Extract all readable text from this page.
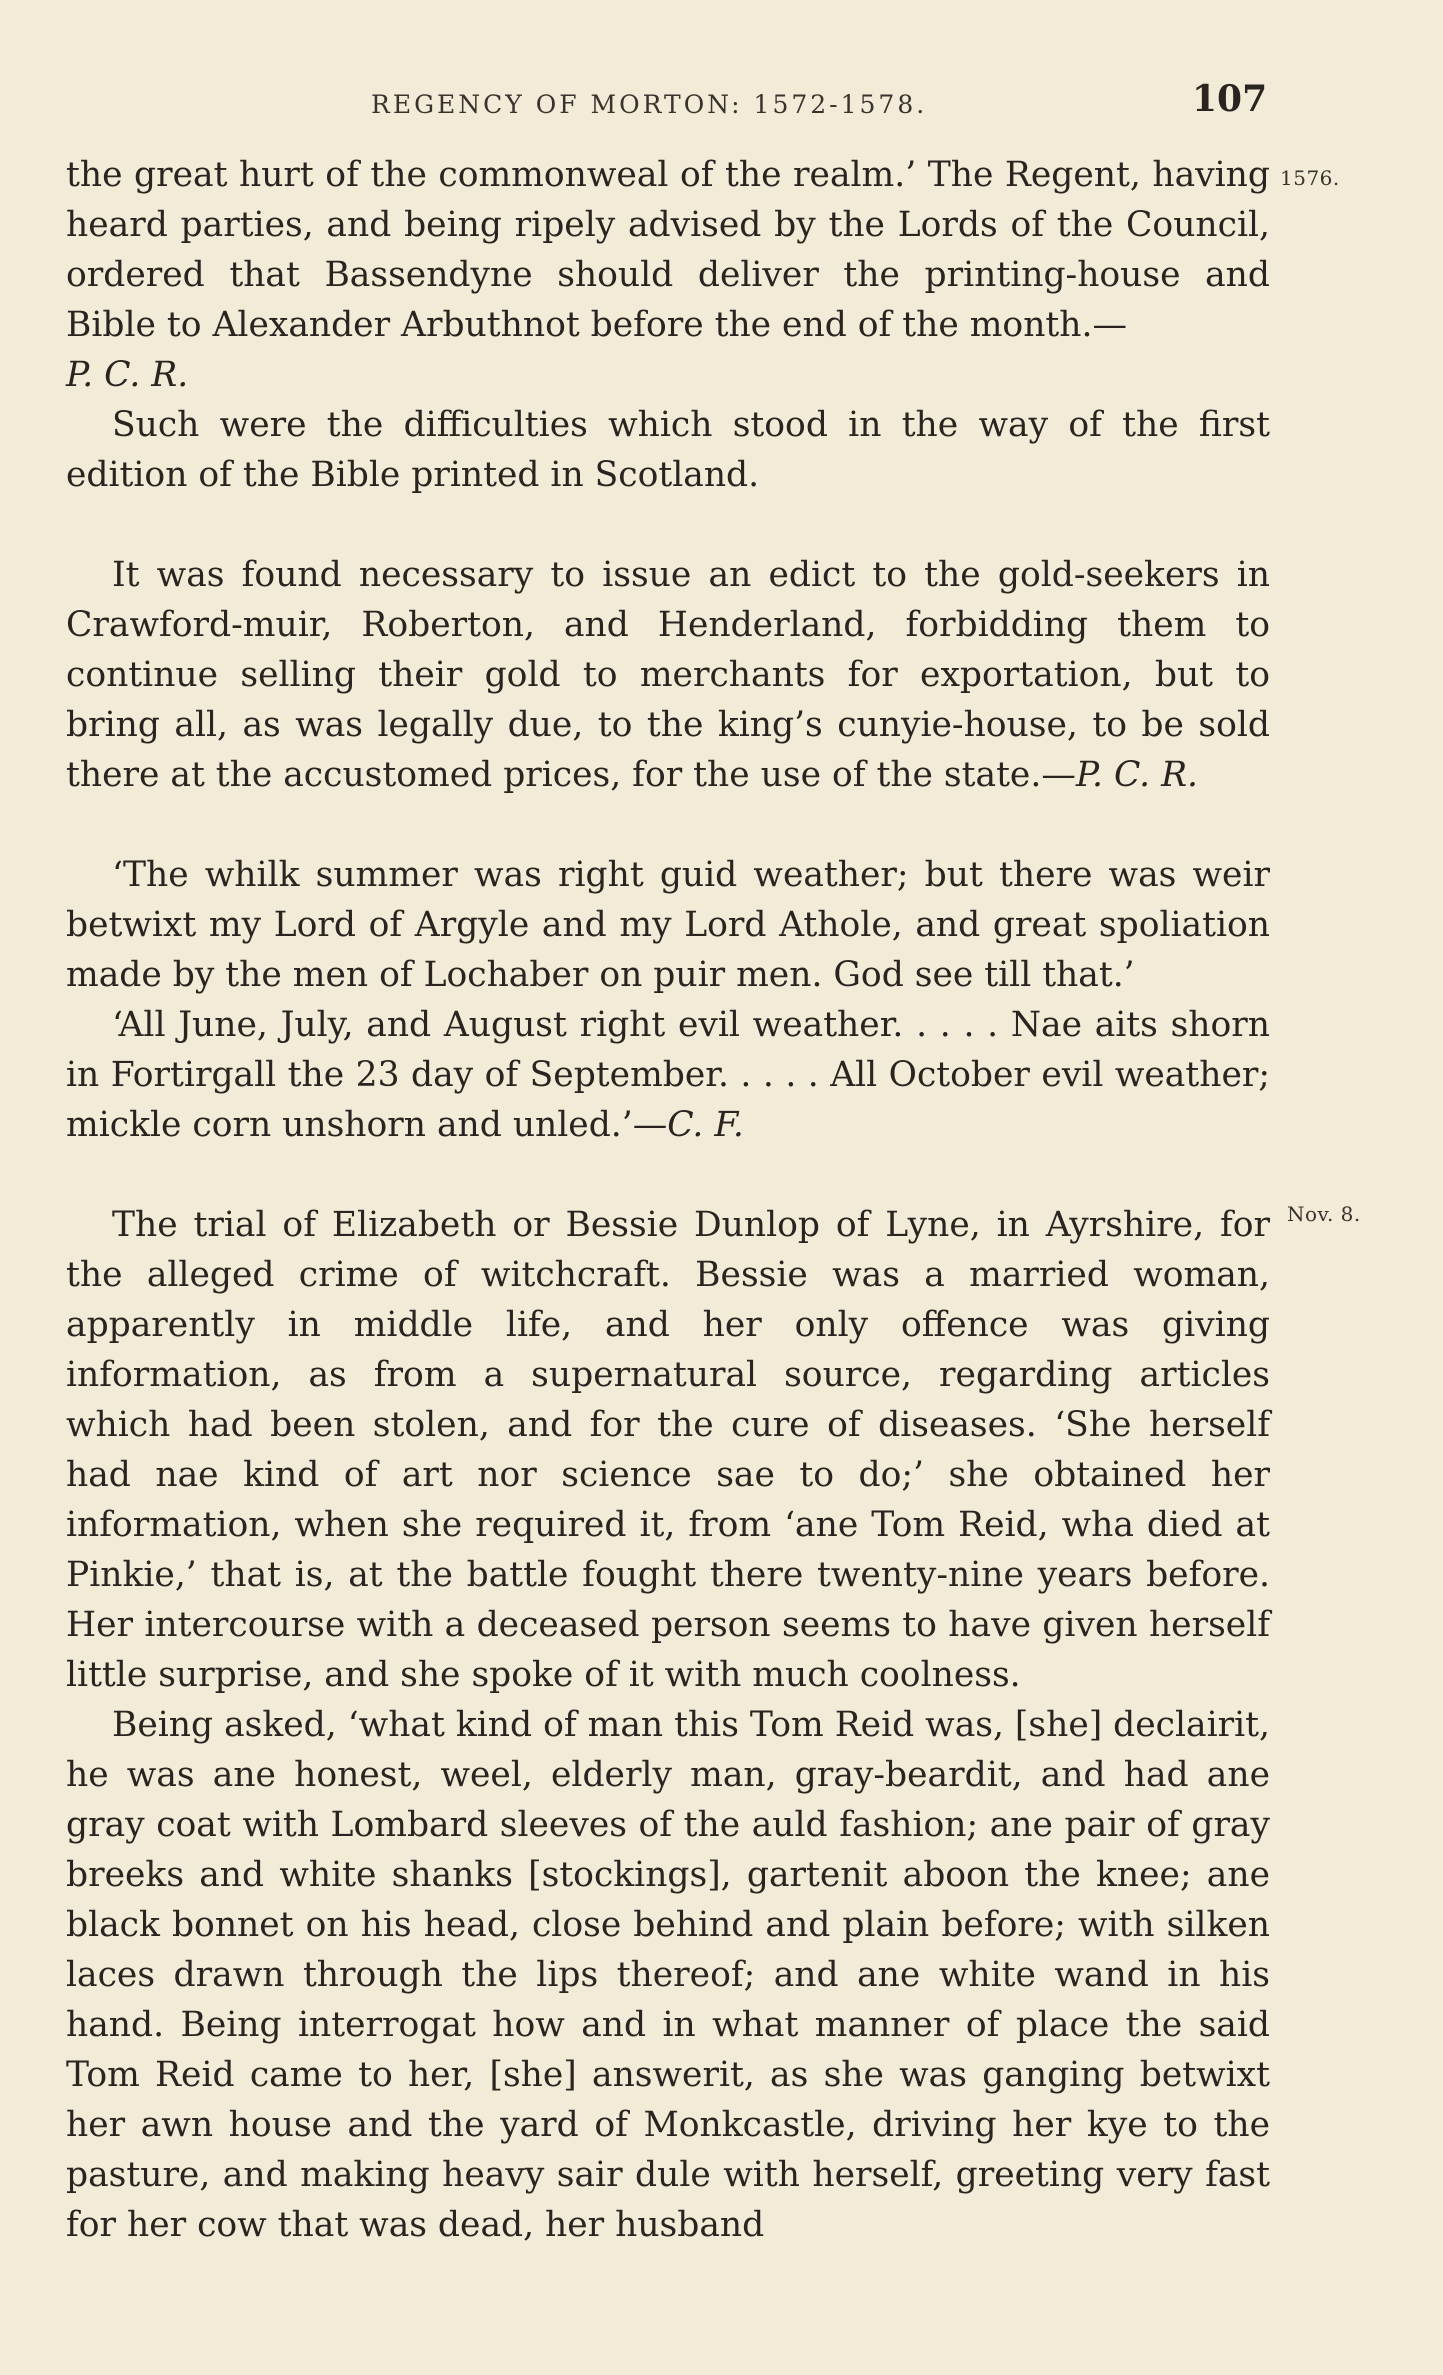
REGENCY OF MORTON: 1572-1578.	107
1576.
Nov. 8.

the great hurt of the commonweal of the realm.’ The Regent, having heard parties, and being ripely advised by the Lords of the Council, ordered that Bassendyne should deliver the printing-house and Bible to Alexander Arbuthnot before the end of the month.—
P. C. R.

Such were the difficulties which stood in the way of the first edition of the Bible printed in Scotland.

It was found necessary to issue an edict to the gold-seekers in Crawford-muir, Roberton, and Henderland, forbidding them to continue selling their gold to merchants for exportation, but to bring all, as was legally due, to the king’s cunyie-house, to be sold there at the accustomed prices, for the use of the state.—P. C. R.

‘The whilk summer was right guid weather; but there was weir betwixt my Lord of Argyle and my Lord Athole, and great spoliation made by the men of Lochaber on puir men. God see till that.’

‘All June, July, and August right evil weather. . . . . Nae aits shorn in Fortirgall the 23 day of September. . . . . All October evil weather; mickle corn unshorn and unled.’—C. F.

The trial of Elizabeth or Bessie Dunlop of Lyne, in Ayrshire, for the alleged crime of witchcraft. Bessie was a married woman, apparently in middle life, and her only offence was giving information, as from a supernatural source, regarding articles which had been stolen, and for the cure of diseases. ‘She herself had nae kind of art nor science sae to do;’ she obtained her information, when she required it, from ‘ane Tom Reid, wha died at Pinkie,’ that is, at the battle fought there twenty-nine years before. Her intercourse with a deceased person seems to have given herself little surprise, and she spoke of it with much coolness.

Being asked, ‘what kind of man this Tom Reid was, [she] declairit, he was ane honest, weel, elderly man, gray-beardit, and had ane gray coat with Lombard sleeves of the auld fashion; ane pair of gray breeks and white shanks [stockings], gartenit aboon the knee; ane black bonnet on his head, close behind and plain before; with silken laces drawn through the lips thereof; and ane white wand in his hand. Being interrogat how and in what manner of place the said Tom Reid came to her, [she] answerit, as she was ganging betwixt her awn house and the yard of Monkcastle, driving her kye to the pasture, and making heavy sair dule with herself, greeting very fast for her cow that was dead, her husband
